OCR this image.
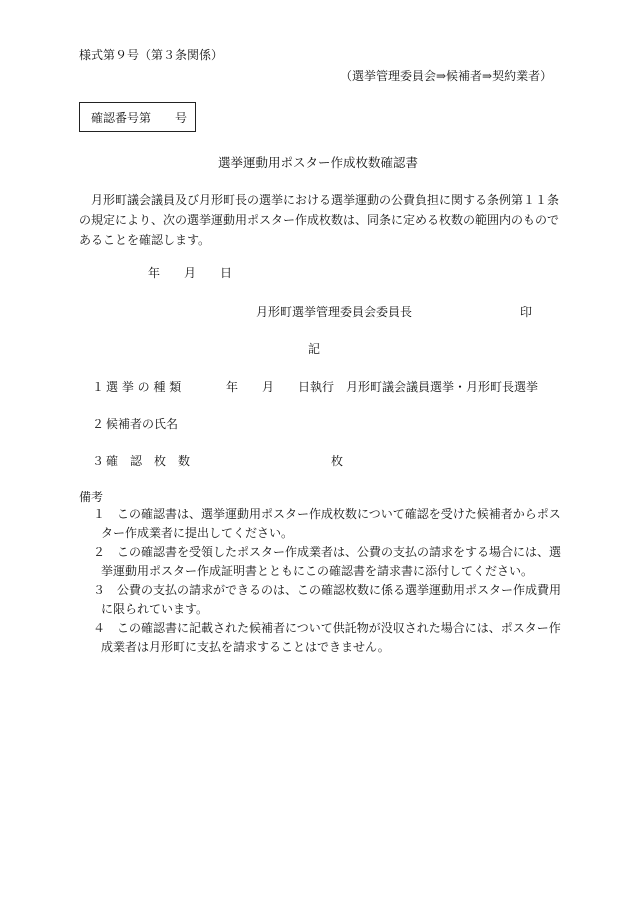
様式第９号（第３条関係）
（選挙管理委員会⇒候補者⇒契約業者）
確認番号第　　号
選挙運動用ポスター作成枚数確認書

月形町議会議員及び月形町長の選挙における選挙運動の公費負担に関する条例第１１条

の規定により、次の選挙運動用ポスター作成枚数は、同条に定める枚数の範囲内のもので

あることを確認します。

年　　月　　日
月形町選挙管理委員会委員長	印
記
１ 選 挙 の 種 類	年　　月　　日執行　月形町議会議員選挙・月形町長選挙
２ 候補者の氏名
３ 確　認　枚　数	枚
備考
１　この確認書は、選挙運動用ポスター作成枚数について確認を受けた候補者からポス
ター作成業者に提出してください。
２　この確認書を受領したポスター作成業者は、公費の支払の請求をする場合には、選
挙運動用ポスター作成証明書とともにこの確認書を請求書に添付してください。
３　公費の支払の請求ができるのは、この確認枚数に係る選挙運動用ポスター作成費用
に限られています。
４　この確認書に記載された候補者について供託物が没収された場合には、ポスター作
成業者は月形町に支払を請求することはできません。
